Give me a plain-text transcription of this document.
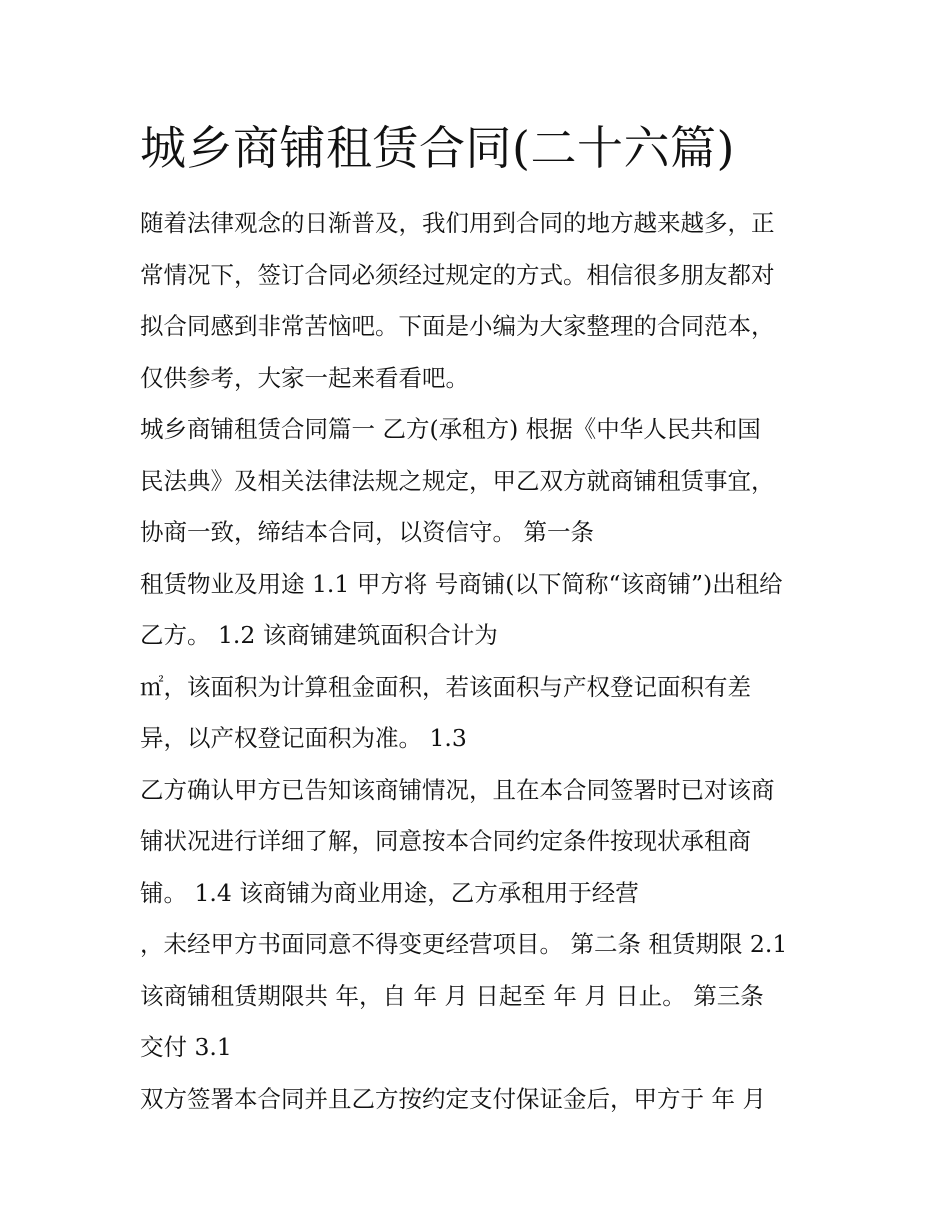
城乡商铺租赁合同(二十六篇)
随着法律观念的日渐普及，我们用到合同的地方越来越多，正
常情况下，签订合同必须经过规定的方式。相信很多朋友都对
拟合同感到非常苦恼吧。下面是小编为大家整理的合同范本，
仅供参考，大家一起来看看吧。
城乡商铺租赁合同篇一 乙方(承租方) 根据《中华人民共和国
民法典》及相关法律法规之规定，甲乙双方就商铺租赁事宜，
协商一致，缔结本合同，以资信守。 第一条
租赁物业及用途 1.1 甲方将 号商铺(以下简称“该商铺”)出租给
乙方。 1.2 该商铺建筑面积合计为
㎡，该面积为计算租金面积，若该面积与产权登记面积有差
异，以产权登记面积为准。 1.3
乙方确认甲方已告知该商铺情况，且在本合同签署时已对该商
铺状况进行详细了解，同意按本合同约定条件按现状承租商
铺。 1.4 该商铺为商业用途，乙方承租用于经营
，未经甲方书面同意不得变更经营项目。 第二条 租赁期限 2.1
该商铺租赁期限共 年，自 年 月 日起至 年 月 日止。 第三条
交付 3.1
双方签署本合同并且乙方按约定支付保证金后，甲方于 年 月
